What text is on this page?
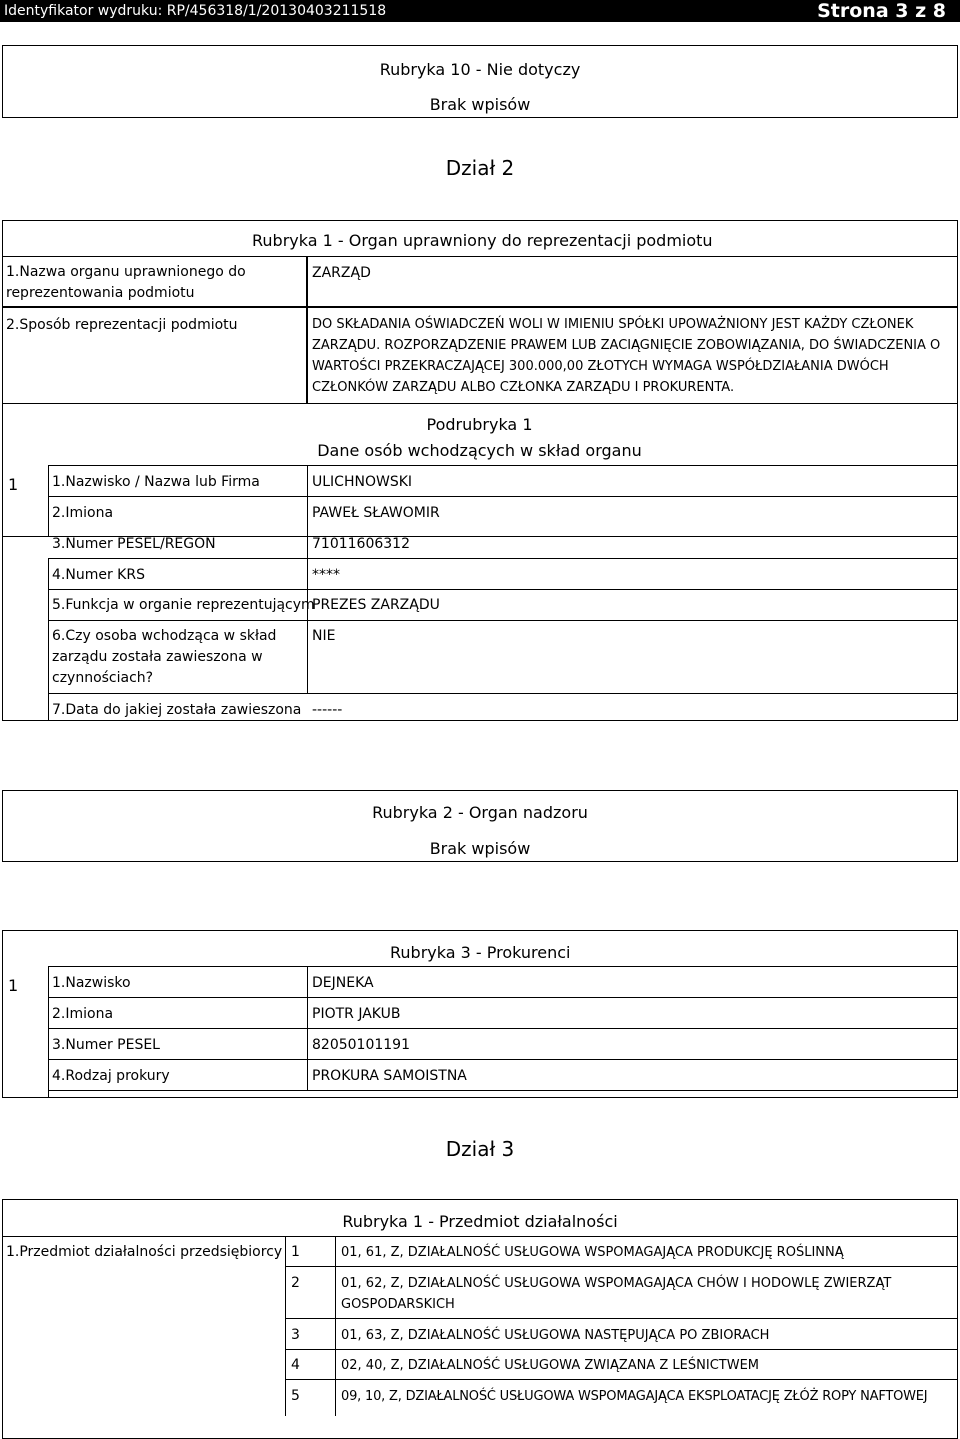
Identyfikator wydruku: RP/456318/1/20130403211518	Strona 3 z 8
Rubryka 10 - Nie dotyczy
Brak wpisów
Dział 2
Rubryka 1 - Organ uprawniony do reprezentacji podmiotu
1.Nazwa organu uprawnionego do reprezentowania podmiotu
ZARZĄD
2.Sposób reprezentacji podmiotu	DO SKŁADANIA OŚWIADCZEŃ WOLI W IMIENIU SPÓŁKI UPOWAŻNIONY JEST KAŻDY CZŁONEK ZARZĄDU. ROZPORZĄDZENIE PRAWEM LUB ZACIĄGNIĘCIE ZOBOWIĄZANIA, DO ŚWIADCZENIA O WARTOŚCI PRZEKRACZAJĄCEJ 300.000,00 ZŁOTYCH WYMAGA WSPÓŁDZIAŁANIA DWÓCH CZŁONKÓW ZARZĄDU ALBO CZŁONKA ZARZĄDU I PROKURENTA.
Podrubryka 1
Dane osób wchodzących w skład organu
1 1.Nazwisko / Nazwa lub Firma	ULICHNOWSKI
2.Imiona	PAWEŁ SŁAWOMIR
3.Numer PESEL/REGON	71011606312
4.Numer KRS	****
5.Funkcja w organie reprezentującym
PREZES ZARZĄDU
6.Czy osoba wchodząca w skład zarządu została zawieszona w czynnościach?
NIE
7.Data do jakiej została zawieszona ------
Rubryka 2 - Organ nadzoru
Brak wpisów
Rubryka 3 - Prokurenci
1 1.Nazwisko	DEJNEKA
2.Imiona	PIOTR JAKUB
3.Numer PESEL	82050101191
4.Rodzaj prokury	PROKURA SAMOISTNA
Dział 3
Rubryka 1 - Przedmiot działalności
1.Przedmiot działalności przedsiębiorcy 1	01, 61, Z, DZIAŁALNOŚĆ USŁUGOWA WSPOMAGAJĄCA PRODUKCJĘ ROŚLINNĄ
2	01, 62, Z, DZIAŁALNOŚĆ USŁUGOWA WSPOMAGAJĄCA CHÓW I HODOWLĘ ZWIERZĄT GOSPODARSKICH
3	01, 63, Z, DZIAŁALNOŚĆ USŁUGOWA NASTĘPUJĄCA PO ZBIORACH
4	02, 40, Z, DZIAŁALNOŚĆ USŁUGOWA ZWIĄZANA Z LEŚNICTWEM
5	09, 10, Z, DZIAŁALNOŚĆ USŁUGOWA WSPOMAGAJĄCA EKSPLOATACJĘ ZŁÓŻ ROPY NAFTOWEJ
